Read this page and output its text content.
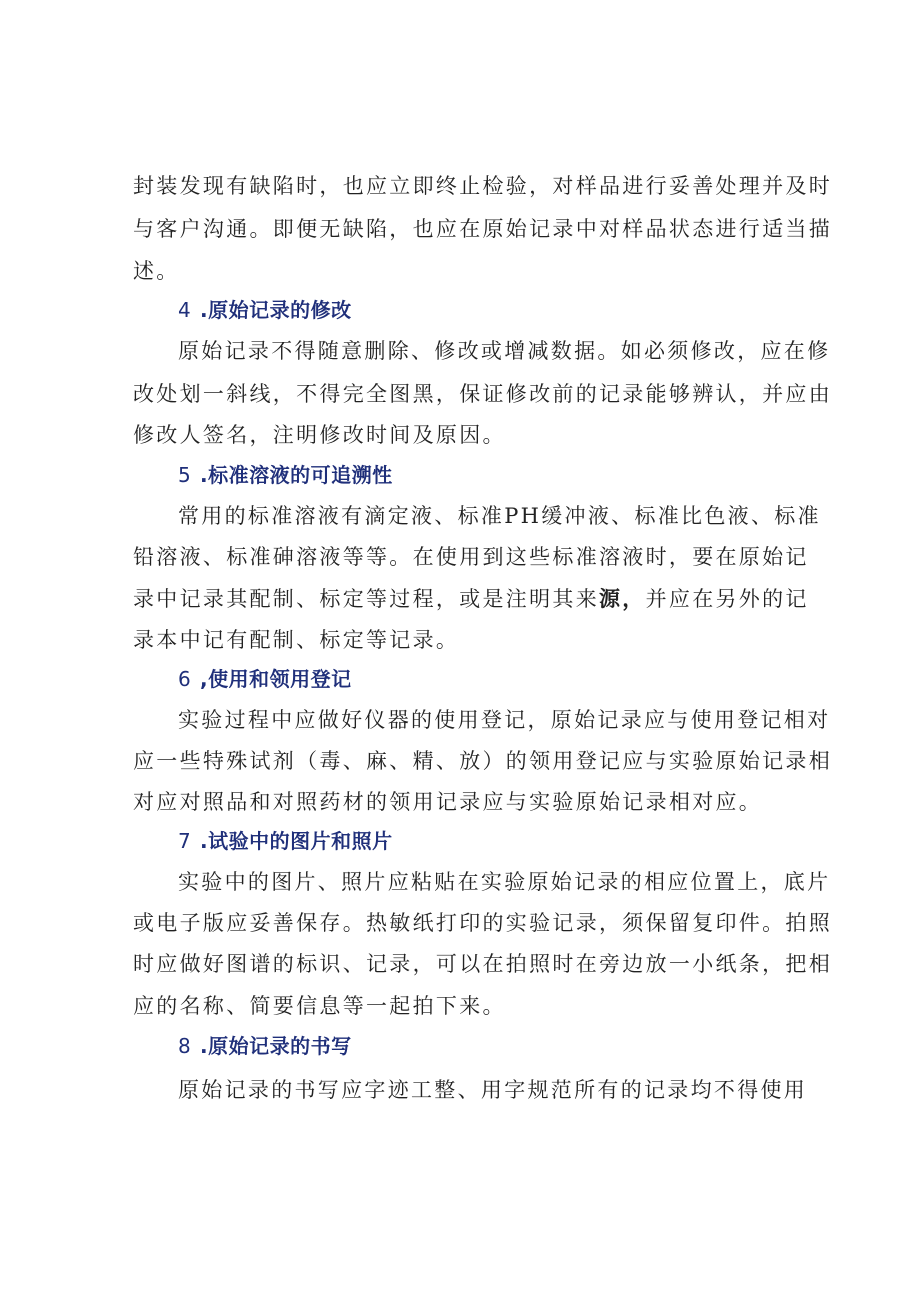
封装发现有缺陷时，也应立即终止检验，对样品进行妥善处理并及时
与客户沟通。即便无缺陷，也应在原始记录中对样品状态进行适当描
述。
4 .原始记录的修改
原始记录不得随意删除、修改或增减数据。如必须修改，应在修
改处划一斜线，不得完全图黑，保证修改前的记录能够辨认，并应由
修改人签名，注明修改时间及原因。
5 .标准溶液的可追溯性
常用的标准溶液有滴定液、标准PH缓冲液、标准比色液、标准
铅溶液、标准砷溶液等等。在使用到这些标准溶液时，要在原始记
录中记录其配制、标定等过程，或是注明其来源，并应在另外的记
录本中记有配制、标定等记录。
6 ,使用和领用登记
实验过程中应做好仪器的使用登记，原始记录应与使用登记相对
应一些特殊试剂（毒、麻、精、放）的领用登记应与实验原始记录相
对应对照品和对照药材的领用记录应与实验原始记录相对应。
7 .试验中的图片和照片
实验中的图片、照片应粘贴在实验原始记录的相应位置上，底片
或电子版应妥善保存。热敏纸打印的实验记录，须保留复印件。拍照
时应做好图谱的标识、记录，可以在拍照时在旁边放一小纸条，把相
应的名称、简要信息等一起拍下来。
8 .原始记录的书写
原始记录的书写应字迹工整、用字规范所有的记录均不得使用
